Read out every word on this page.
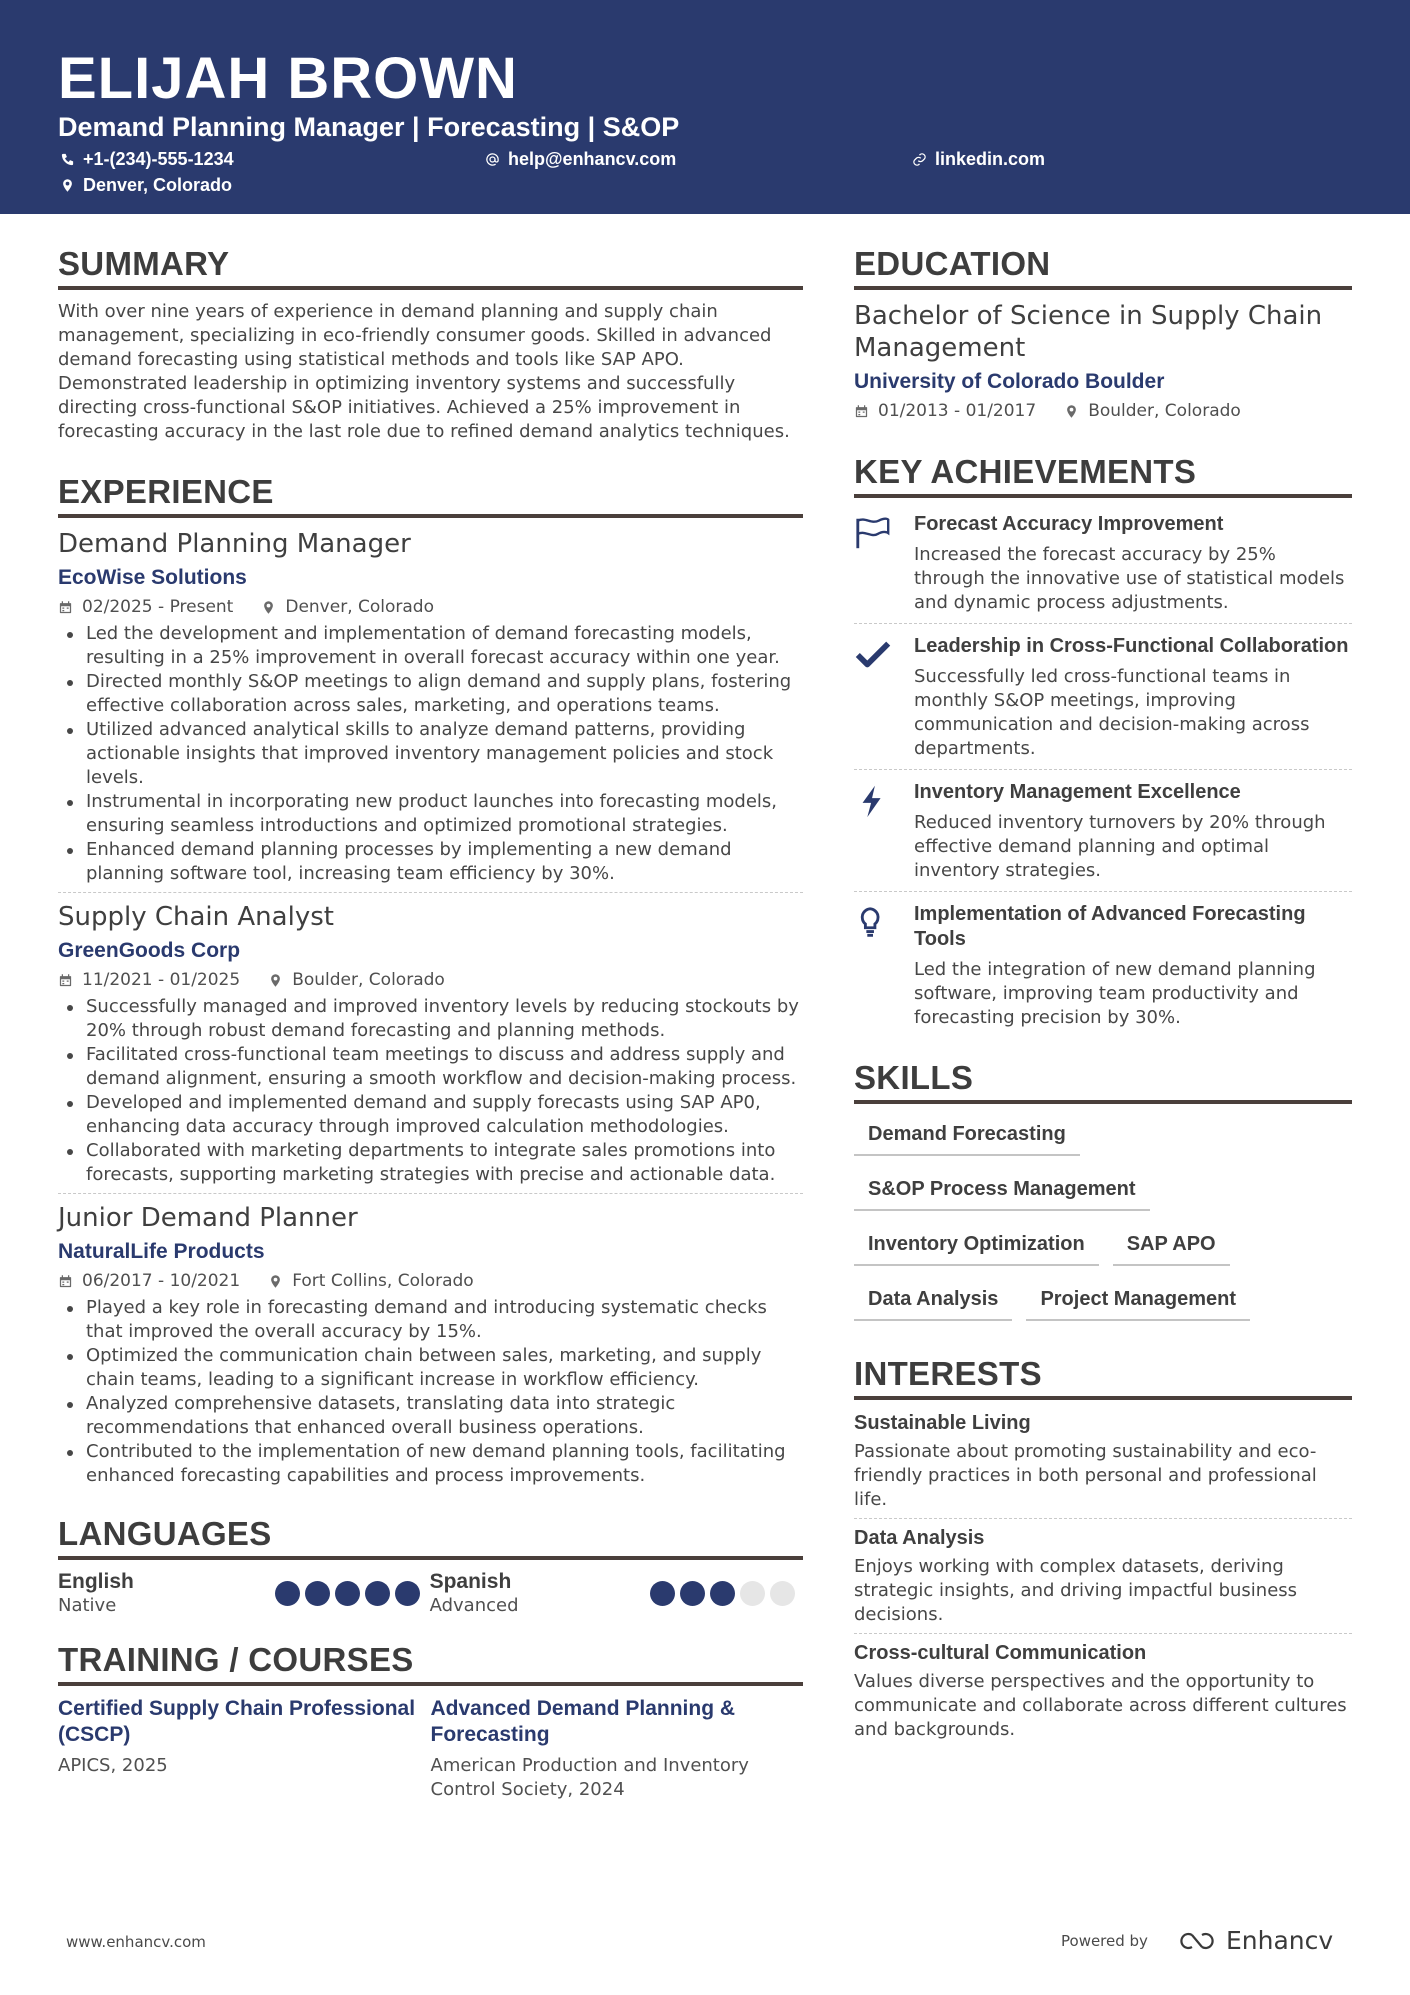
ELIJAH BROWN
Demand Planning Manager | Forecasting | S&OP
+1-(234)-555-1234	help@enhancv.com	linkedin.com
Denver, Colorado
SUMMARY
With over nine years of experience in demand planning and supply chain management, specializing in eco-friendly consumer goods. Skilled in advanced demand forecasting using statistical methods and tools like SAP APO. Demonstrated leadership in optimizing inventory systems and successfully directing cross-functional S&OP initiatives. Achieved a 25% improvement in forecasting accuracy in the last role due to refined demand analytics techniques.
EXPERIENCE
Demand Planning Manager
EcoWise Solutions
02/2025 - Present	Denver, Colorado
Led the development and implementation of demand forecasting models, resulting in a 25% improvement in overall forecast accuracy within one year.
Directed monthly S&OP meetings to align demand and supply plans, fostering effective collaboration across sales, marketing, and operations teams.
Utilized advanced analytical skills to analyze demand patterns, providing actionable insights that improved inventory management policies and stock levels.
Instrumental in incorporating new product launches into forecasting models, ensuring seamless introductions and optimized promotional strategies.
Enhanced demand planning processes by implementing a new demand planning software tool, increasing team efficiency by 30%.
Supply Chain Analyst
GreenGoods Corp
11/2021 - 01/2025	Boulder, Colorado
Successfully managed and improved inventory levels by reducing stockouts by 20% through robust demand forecasting and planning methods.
Facilitated cross-functional team meetings to discuss and address supply and demand alignment, ensuring a smooth workflow and decision-making process.
Developed and implemented demand and supply forecasts using SAP AP0, enhancing data accuracy through improved calculation methodologies.
Collaborated with marketing departments to integrate sales promotions into forecasts, supporting marketing strategies with precise and actionable data.
Junior Demand Planner
NaturalLife Products
06/2017 - 10/2021	Fort Collins, Colorado
Played a key role in forecasting demand and introducing systematic checks that improved the overall accuracy by 15%.
Optimized the communication chain between sales, marketing, and supply chain teams, leading to a significant increase in workflow efficiency.
Analyzed comprehensive datasets, translating data into strategic recommendations that enhanced overall business operations.
Contributed to the implementation of new demand planning tools, facilitating enhanced forecasting capabilities and process improvements.
LANGUAGES
English
Native
Spanish
Advanced
TRAINING / COURSES
Certified Supply Chain Professional (CSCP)
APICS, 2025
Advanced Demand Planning & Forecasting
American Production and Inventory Control Society, 2024
EDUCATION
Bachelor of Science in Supply Chain Management
University of Colorado Boulder
01/2013 - 01/2017	Boulder, Colorado
KEY ACHIEVEMENTS
Forecast Accuracy Improvement
Increased the forecast accuracy by 25% through the innovative use of statistical models and dynamic process adjustments.
Leadership in Cross-Functional Collaboration
Successfully led cross-functional teams in monthly S&OP meetings, improving communication and decision-making across departments.
Inventory Management Excellence
Reduced inventory turnovers by 20% through effective demand planning and optimal inventory strategies.
Implementation of Advanced Forecasting Tools
Led the integration of new demand planning software, improving team productivity and forecasting precision by 30%.
SKILLS
Demand Forecasting
S&OP Process Management
Inventory Optimization	SAP APO
Data Analysis	Project Management
INTERESTS
Sustainable Living
Passionate about promoting sustainability and eco-friendly practices in both personal and professional life.
Data Analysis
Enjoys working with complex datasets, deriving strategic insights, and driving impactful business decisions.
Cross-cultural Communication
Values diverse perspectives and the opportunity to communicate and collaborate across different cultures and backgrounds.
www.enhancv.com	Powered by	Enhancv
